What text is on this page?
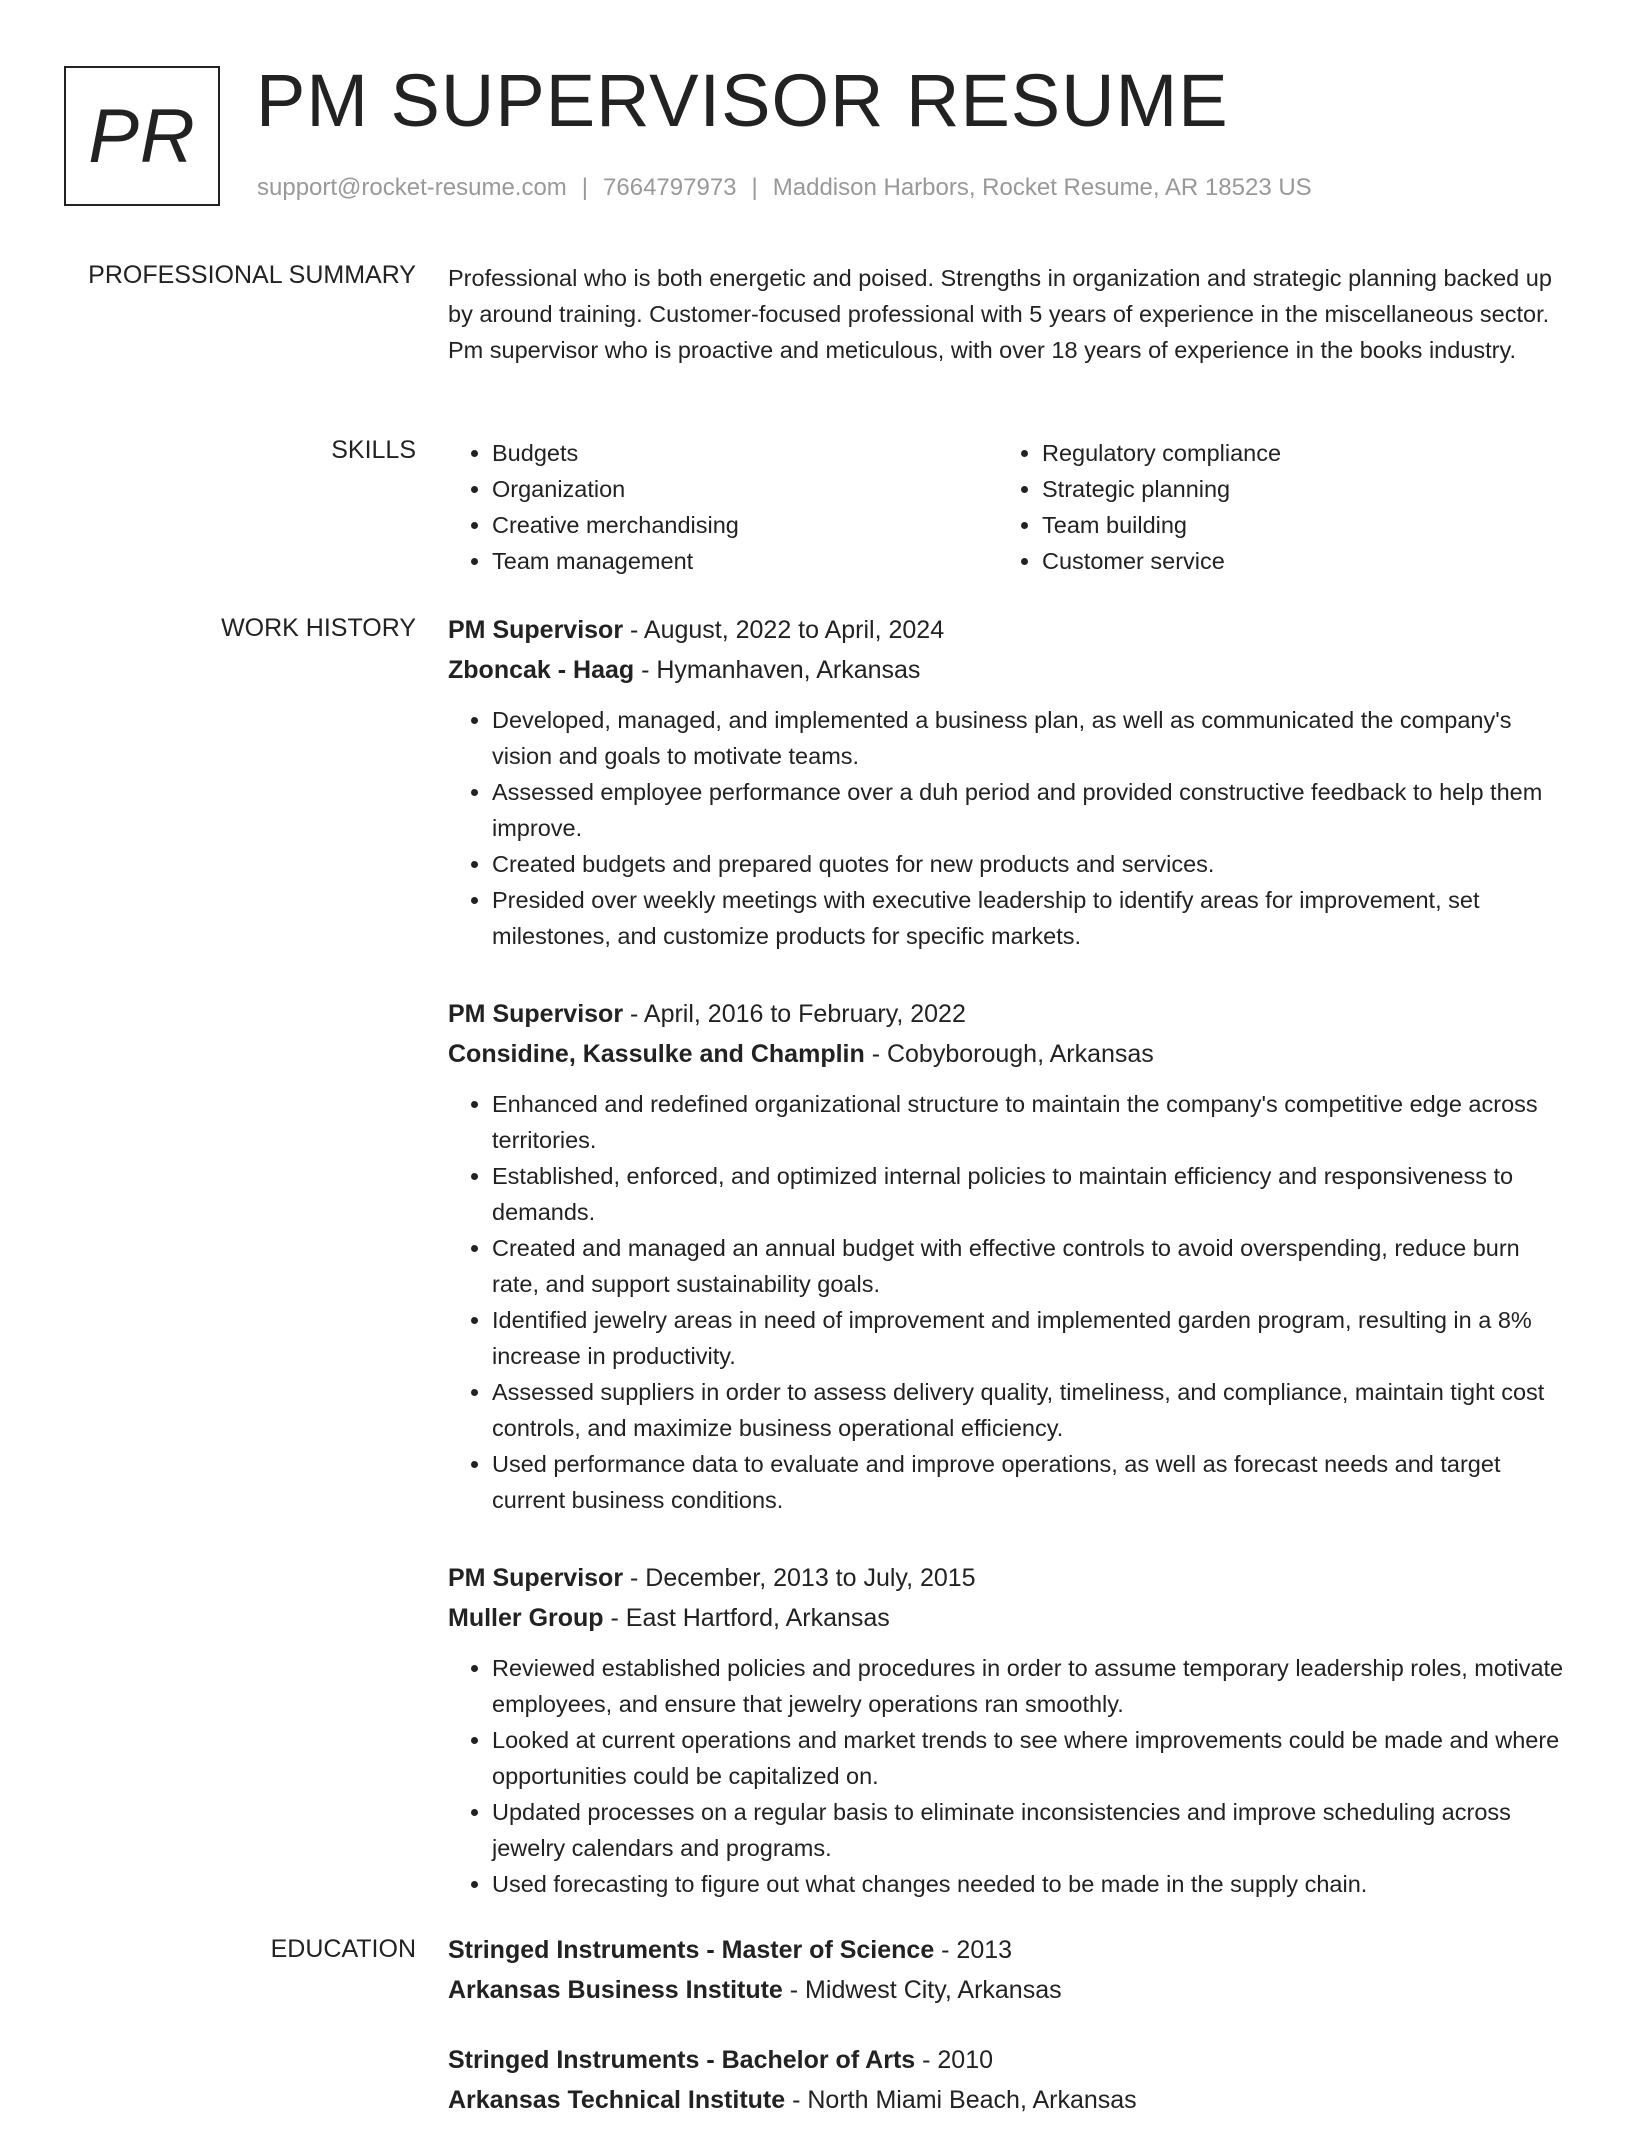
PR PM SUPERVISOR RESUME
support@rocket-resume.com | 7664797973 | Maddison Harbors, Rocket Resume, AR 18523 US
PROFESSIONAL SUMMARY Professional who is both energetic and poised. Strengths in organization and strategic planning backed up by around training. Customer-focused professional with 5 years of experience in the miscellaneous sector. Pm supervisor who is proactive and meticulous, with over 18 years of experience in the books industry.
SKILLS
•	Budgets
• Organization
• Creative merchandising
• Team management
• Regulatory compliance
• Strategic planning
• Team building
• Customer service
WORK HISTORY PM Supervisor - August, 2022 to April, 2024
Zboncak - Haag - Hymanhaven, Arkansas
• Developed, managed, and implemented a business plan, as well as communicated the company's vision and goals to motivate teams.
• Assessed employee performance over a duh period and provided constructive feedback to help them improve.
• Created budgets and prepared quotes for new products and services.
• Presided over weekly meetings with executive leadership to identify areas for improvement, set milestones, and customize products for specific markets.
PM Supervisor - April, 2016 to February, 2022
Considine, Kassulke and Champlin - Cobyborough, Arkansas
• Enhanced and redefined organizational structure to maintain the company's competitive edge across territories.
• Established, enforced, and optimized internal policies to maintain efficiency and responsiveness to demands.
• Created and managed an annual budget with effective controls to avoid overspending, reduce burn rate, and support sustainability goals.
• Identified jewelry areas in need of improvement and implemented garden program, resulting in a 8% increase in productivity.
• Assessed suppliers in order to assess delivery quality, timeliness, and compliance, maintain tight cost controls, and maximize business operational efficiency.
• Used performance data to evaluate and improve operations, as well as forecast needs and target current business conditions.
PM Supervisor - December, 2013 to July, 2015
Muller Group - East Hartford, Arkansas
• Reviewed established policies and procedures in order to assume temporary leadership roles, motivate employees, and ensure that jewelry operations ran smoothly.
• Looked at current operations and market trends to see where improvements could be made and where opportunities could be capitalized on.
• Updated processes on a regular basis to eliminate inconsistencies and improve scheduling across jewelry calendars and programs.
• Used forecasting to figure out what changes needed to be made in the supply chain.
EDUCATION Stringed Instruments - Master of Science - 2013
Arkansas Business Institute - Midwest City, Arkansas
Stringed Instruments - Bachelor of Arts - 2010
Arkansas Technical Institute - North Miami Beach, Arkansas
